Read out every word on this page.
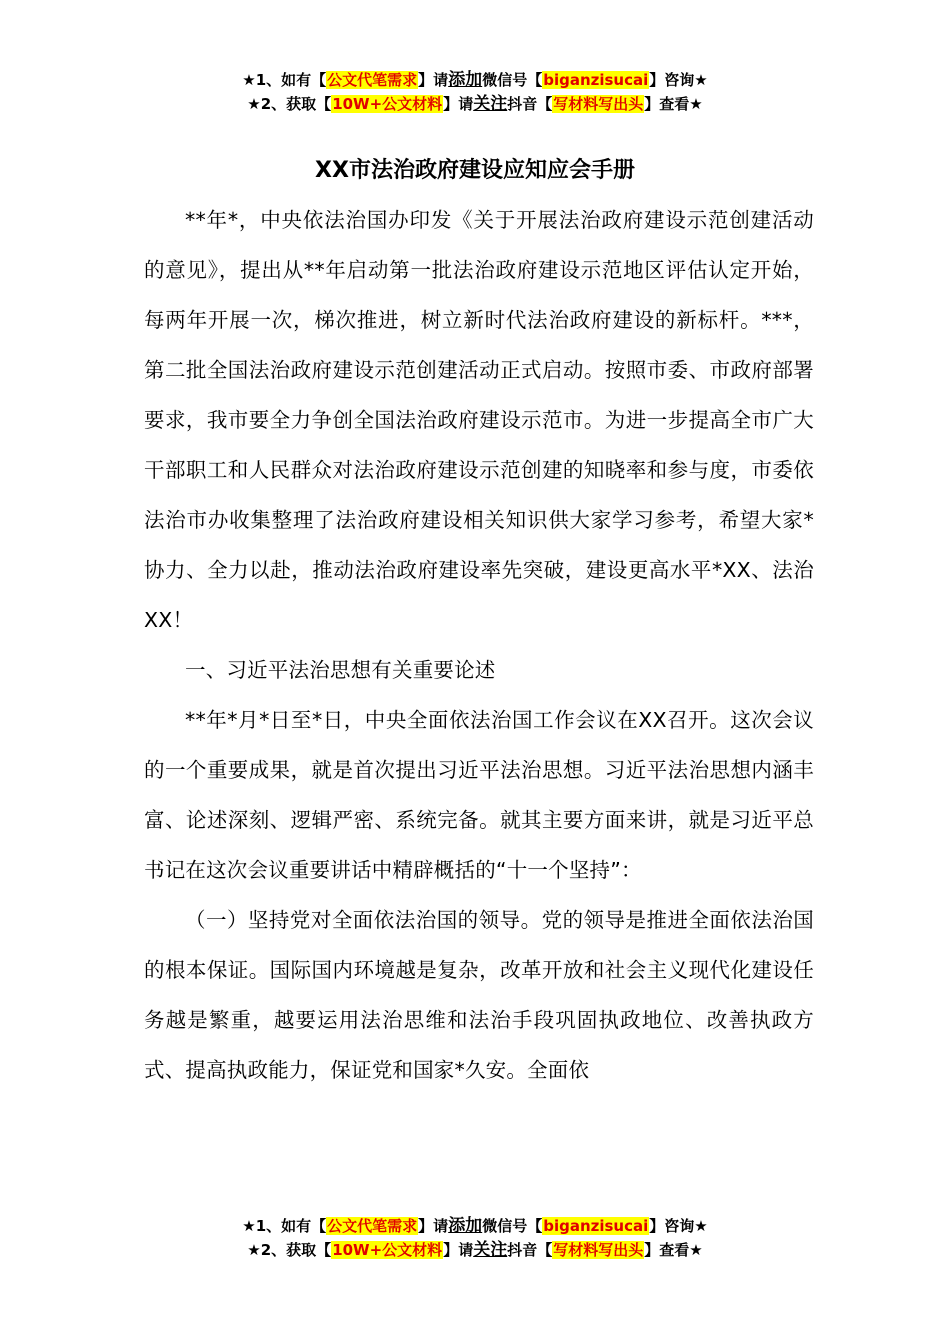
★1、如有【公文代笔需求】请添加微信号【biganzisucai】咨询★
★2、获取【10W+公文材料】请关注抖音【写材料写出头】查看★
XX市法治政府建设应知应会手册

**年*，中央依法治国办印发《关于开展法治政府建设示范创建活动的意见》，提出从**年启动第一批法治政府建设示范地区评估认定开始，每两年开展一次，梯次推进，树立新时代法治政府建设的新标杆。***，第二批全国法治政府建设示范创建活动正式启动。按照市委、市政府部署要求，我市要全力争创全国法治政府建设示范市。为进一步提高全市广大干部职工和人民群众对法治政府建设示范创建的知晓率和参与度，市委依法治市办收集整理了法治政府建设相关知识供大家学习参考，希望大家*协力、全力以赴，推动法治政府建设率先突破，建设更高水平*XX、法治XX！

一、习近平法治思想有关重要论述

**年*月*日至*日，中央全面依法治国工作会议在XX召开。这次会议的一个重要成果，就是首次提出习近平法治思想。习近平法治思想内涵丰富、论述深刻、逻辑严密、系统完备。就其主要方面来讲，就是习近平总书记在这次会议重要讲话中精辟概括的“十一个坚持”：

（一）坚持党对全面依法治国的领导。党的领导是推进全面依法治国的根本保证。国际国内环境越是复杂，改革开放和社会主义现代化建设任务越是繁重，越要运用法治思维和法治手段巩固执政地位、改善执政方式、提高执政能力，保证党和国家*久安。全面依

★1、如有【公文代笔需求】请添加微信号【biganzisucai】咨询★
★2、获取【10W+公文材料】请关注抖音【写材料写出头】查看★
